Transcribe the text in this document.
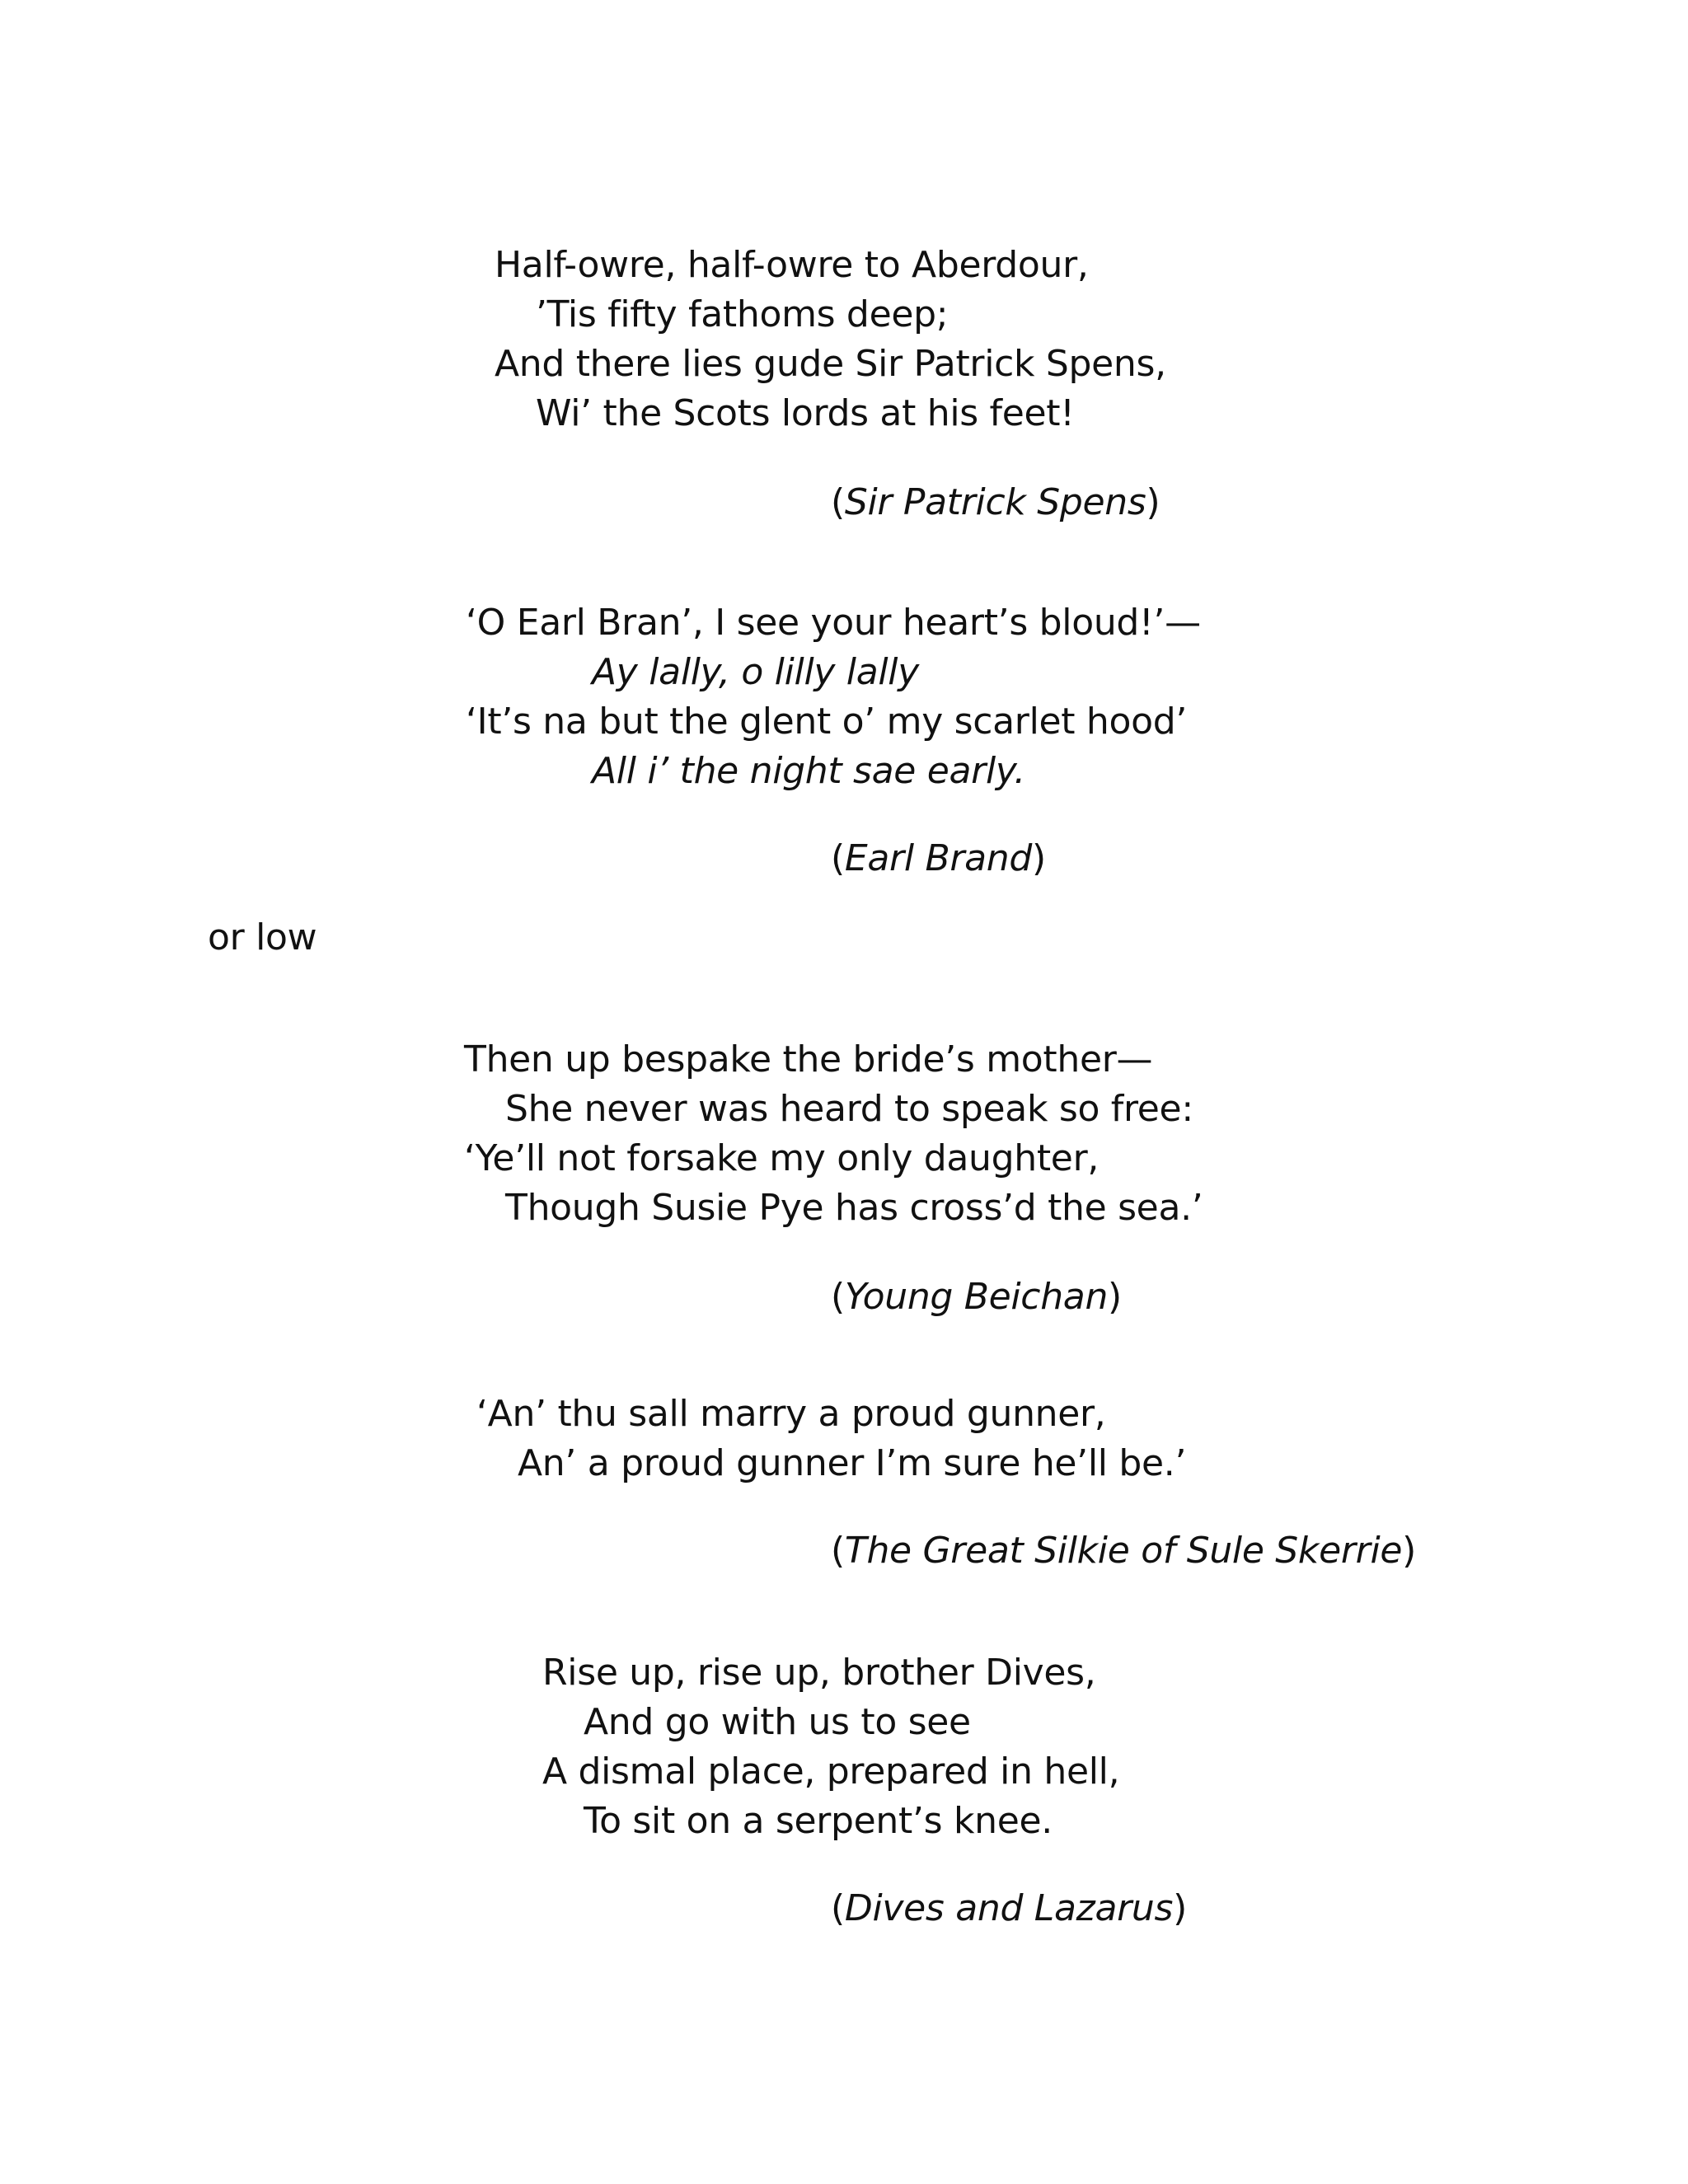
Half-owre, half-owre to Aberdour,
’Tis fifty fathoms deep;
And there lies gude Sir Patrick Spens,
Wi’ the Scots lords at his feet!
(Sir Patrick Spens)
‘O Earl Bran’, I see your heart’s bloud!’—
Ay lally, o lilly lally
‘It’s na but the glent o’ my scarlet hood’
All i’ the night sae early.
(Earl Brand)
or low
Then up bespake the bride’s mother—
She never was heard to speak so free:
‘Ye’ll not forsake my only daughter,
Though Susie Pye has cross’d the sea.’
(Young Beichan)
‘An’ thu sall marry a proud gunner,
An’ a proud gunner I’m sure he’ll be.’
(The Great Silkie of Sule Skerrie)
Rise up, rise up, brother Dives,
And go with us to see
A dismal place, prepared in hell,
To sit on a serpent’s knee.
(Dives and Lazarus)
